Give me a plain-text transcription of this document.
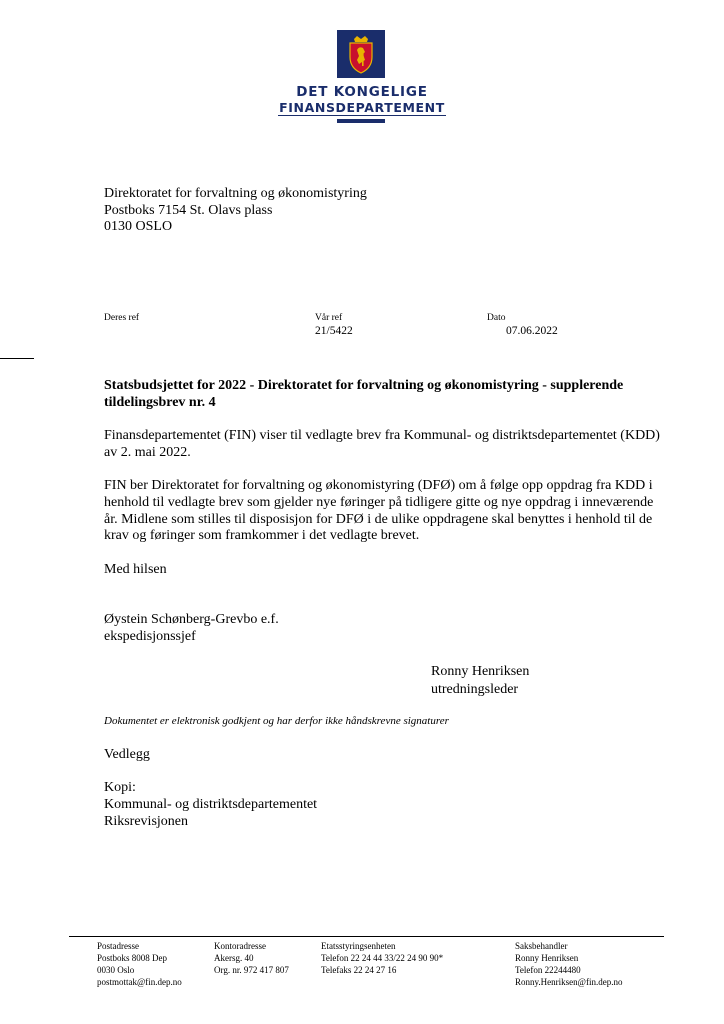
DET KONGELIGE
FINANSDEPARTEMENT
Direktoratet for forvaltning og økonomistyring
Postboks 7154 St. Olavs plass
0130 OSLO
Deres ref	Vår ref
21/5422
Dato
07.06.2022
Statsbudsjettet for 2022 - Direktoratet for forvaltning og økonomistyring - supplerende tildelingsbrev nr. 4

Finansdepartementet (FIN) viser til vedlagte brev fra Kommunal- og distriktsdepartementet (KDD) av 2. mai 2022.

FIN ber Direktoratet for forvaltning og økonomistyring (DFØ) om å følge opp oppdrag fra KDD i henhold til vedlagte brev som gjelder nye føringer på tidligere gitte og nye oppdrag i inneværende år. Midlene som stilles til disposisjon for DFØ i de ulike oppdragene skal benyttes i henhold til de krav og føringer som framkommer i det vedlagte brevet.

Med hilsen
Øystein Schønberg-Grevbo e.f.
ekspedisjonssjef
Ronny Henriksen
utredningsleder
Dokumentet er elektronisk godkjent og har derfor ikke håndskrevne signaturer
Vedlegg
Kopi:
Kommunal- og distriktsdepartementet
Riksrevisjonen
Postadresse
Postboks 8008 Dep
0030 Oslo
postmottak@fin.dep.no
Kontoradresse
Akersg. 40
Org. nr. 972 417 807
Etatsstyringsenheten
Telefon 22 24 44 33/22 24 90 90*
Telefaks 22 24 27 16
Saksbehandler
Ronny Henriksen
Telefon 22244480
Ronny.Henriksen@fin.dep.no
